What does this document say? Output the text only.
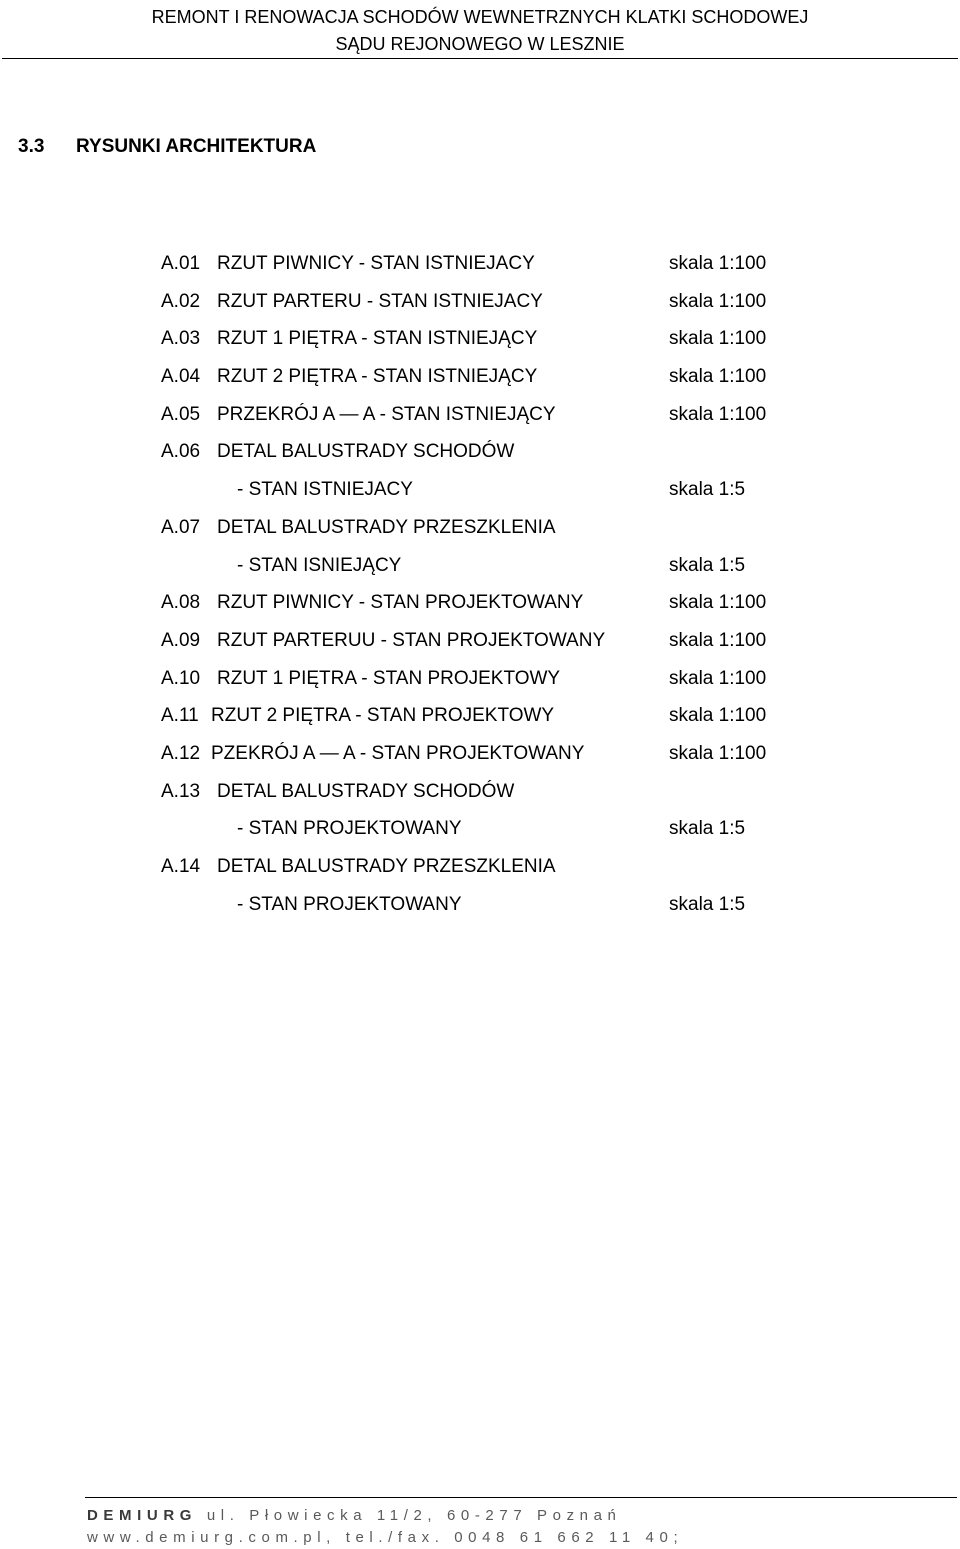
REMONT I RENOWACJA SCHODÓW WEWNETRZNYCH KLATKI SCHODOWEJ
SĄDU REJONOWEGO W LESZNIE
3.3 RYSUNKI ARCHITEKTURA
A.01 RZUT PIWNICY - STAN ISTNIEJACY	skala 1:100
A.02 RZUT PARTERU - STAN ISTNIEJACY	skala 1:100
A.03 RZUT 1 PIĘTRA - STAN ISTNIEJĄCY	skala 1:100
A.04 RZUT 2 PIĘTRA - STAN ISTNIEJĄCY	skala 1:100
A.05 PRZEKRÓJ A — A - STAN ISTNIEJĄCY	skala 1:100
A.06 DETAL BALUSTRADY SCHODÓW
- STAN ISTNIEJACY	skala 1:5
A.07 DETAL BALUSTRADY PRZESZKLENIA
- STAN ISNIEJĄCY	skala 1:5
A.08 RZUT PIWNICY - STAN PROJEKTOWANY	skala 1:100
A.09 RZUT PARTERUU - STAN PROJEKTOWANY	skala 1:100
A.10 RZUT 1 PIĘTRA - STAN PROJEKTOWY	skala 1:100
A.11 RZUT 2 PIĘTRA - STAN PROJEKTOWY	skala 1:100
A.12 PZEKRÓJ A — A - STAN PROJEKTOWANY	skala 1:100
A.13 DETAL BALUSTRADY SCHODÓW
- STAN PROJEKTOWANY	skala 1:5
A.14 DETAL BALUSTRADY PRZESZKLENIA
- STAN PROJEKTOWANY	skala 1:5
DEMIURG ul. Płowiecka 11/2, 60-277 Poznań
www.demiurg.com.pl, tel./fax. 0048 61 662 11 40;
